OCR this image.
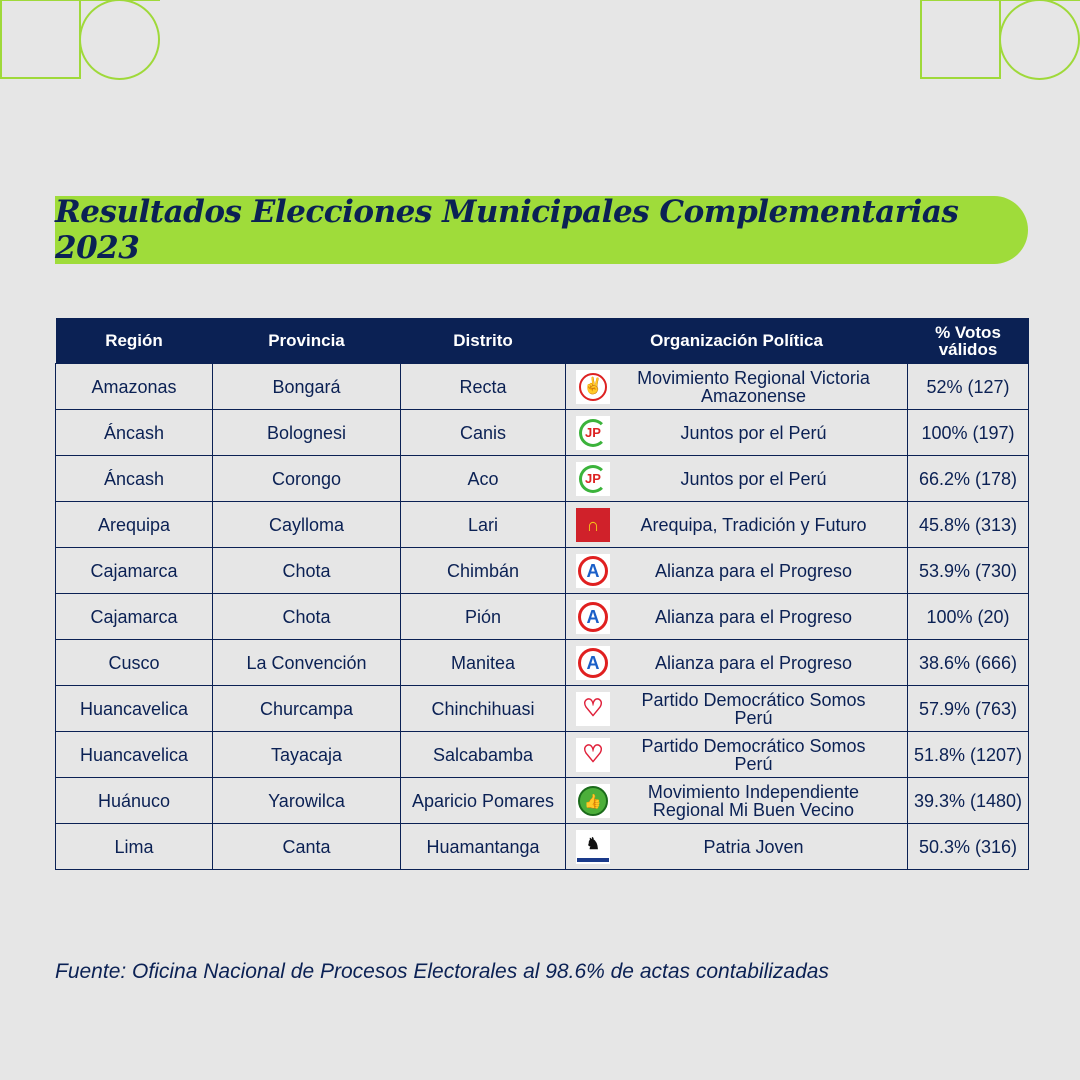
Resultados Elecciones Municipales Complementarias 2023
Región	Provincia	Distrito	Organización Política	% Votos válidos
Amazonas	Bongará	Recta	✌ Movimiento Regional Victoria Amazonense	52% (127)
Áncash	Bolognesi	Canis	JP Juntos por el Perú	100% (197)
Áncash	Corongo	Aco	JP Juntos por el Perú	66.2% (178)
Arequipa	Caylloma	Lari	∩ Arequipa, Tradición y Futuro	45.8% (313)
Cajamarca	Chota	Chimbán	A Alianza para el Progreso	53.9% (730)
Cajamarca	Chota	Pión	A Alianza para el Progreso	100% (20)
Cusco	La Convención	Manitea	A Alianza para el Progreso	38.6% (666)
Huancavelica	Churcampa	Chinchihuasi	♡ Partido Democrático Somos Perú	57.9% (763)
Huancavelica	Tayacaja	Salcabamba	♡ Partido Democrático Somos Perú	51.8% (1207)
Huánuco	Yarowilca	Aparicio Pomares	👍 Movimiento Independiente Regional Mi Buen Vecino	39.3% (1480)
Lima	Canta	Huamantanga	♞ Patria Joven	50.3% (316)
Fuente: Oficina Nacional de Procesos Electorales al 98.6% de actas contabilizadas
